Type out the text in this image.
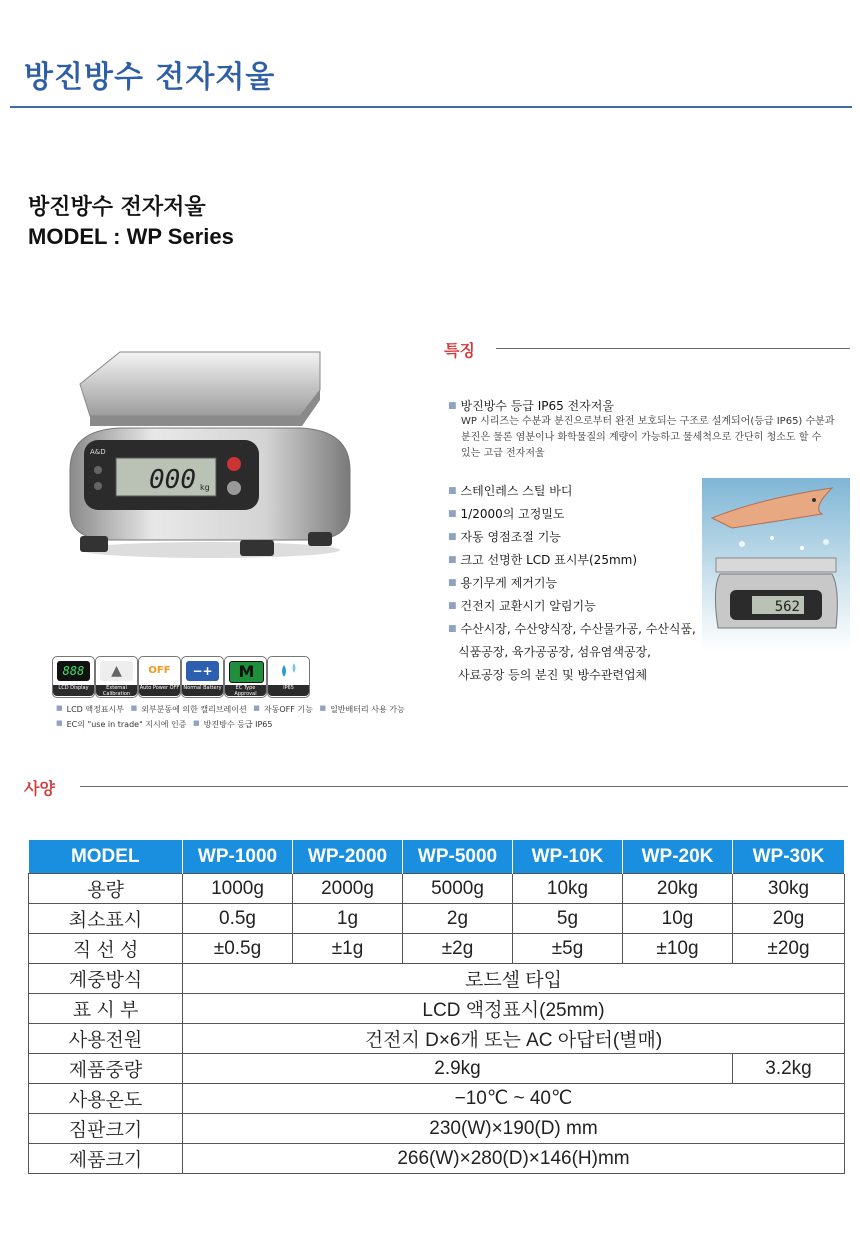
방진방수 전자저울
방진방수 전자저울
MODEL : WP Series
000 kg
A&D
특징
■ 방진방수 등급 IP65 전자저울
WP 시리즈는 수분과 분진으로부터 완전 보호되는 구조로 설계되어(등급 IP65) 수분과
분진은 물론 염분이나 화학물질의 계량이 가능하고 물세척으로 간단히 청소도 할 수
있는 고급 전자저울
■ 스테인레스 스틸 바디
■ 1/2000의 고정밀도
■ 자동 영점조절 기능
■ 크고 선명한 LCD 표시부(25mm)
■ 용기무게 제거기능
■ 건전지 교환시기 알림기능
■ 수산시장, 수산양식장, 수산물가공, 수산식품,
식품공장, 육가공공장, 섬유염색공장,
사료공장 등의 분진 및 방수관련업체
562
888
LCD Display
▲
External Calibration
OFF
Auto Power OFF
−+
Normal Battery
M
EC Type Approval
IP65
■ LCD 액정표시부 ■ 외부분동에 의한 캘리브레이션 ■ 자동OFF 기능 ■ 일반배터리 사용 가능
■ EC의 "use in trade" 지시에 인증 ■ 방진방수 등급 IP65
사양
MODEL	WP-1000	WP-2000	WP-5000	WP-10K	WP-20K	WP-30K
용량	1000g	2000g	5000g	10kg	20kg	30kg
최소표시	0.5g	1g	2g	5g	10g	20g
직 선 성	±0.5g	±1g	±2g	±5g	±10g	±20g
계중방식	로드셀 타입					
표 시 부	LCD 액정표시(25mm)					
사용전원	건전지 D×6개 또는 AC 아답터(별매)					
제품중량	2.9kg					3.2kg
사용온도	−10℃ ~ 40℃					
짐판크기	230(W)×190(D) mm					
제품크기	266(W)×280(D)×146(H)mm					
